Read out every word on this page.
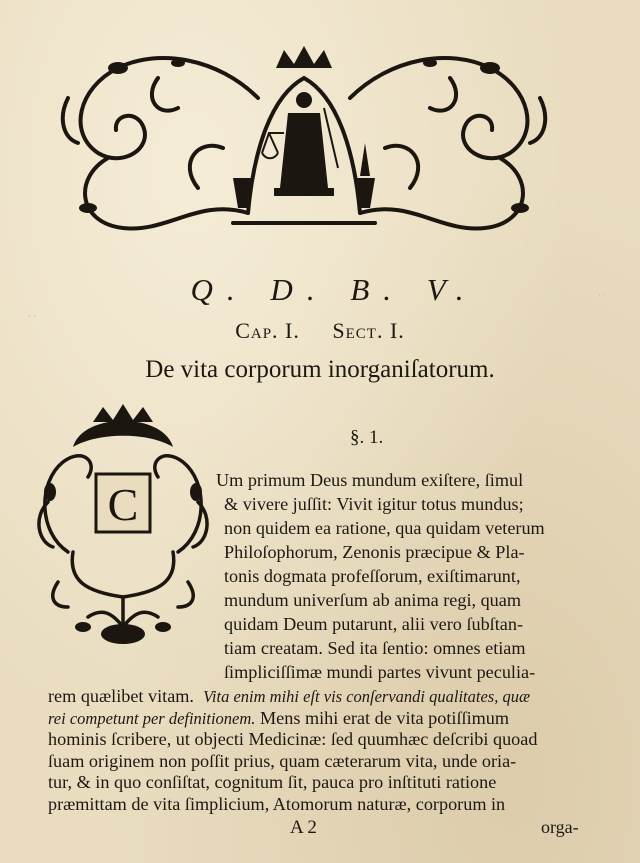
· ·
- -
Q. D. B. V.
Cap. I. Sect. I.
De vita corporum inorganiſatorum.
§. 1.
C	Um primum Deus mundum exiſtere, ſimul
& vivere juſſit: Vivit igitur totus mundus;
non quidem ea ratione, qua quidam veterum
Philoſophorum, Zenonis præcipue & Pla-
tonis dogmata profeſſorum, exiſtimarunt,
mundum univerſum ab anima regi, quam
quidam Deum putarunt, alii vero ſubſtan-
tiam creatam. Sed ita ſentio: omnes etiam
ſimpliciſſimæ mundi partes vivunt peculia-
rem quælibet vitam. Vita enim mihi eſt vis conſervandi qualitates, quæ
rei competunt per definitionem. Mens mihi erat de vita potiſſimum
hominis ſcribere, ut objecti Medicinæ: ſed quumhæc deſcribi quoad
ſuam originem non poſſit prius, quam cæterarum vita, unde oria-
tur, & in quo conſiſtat, cognitum ſit, pauca pro inſtituti ratione
præmittam de vita ſimplicium, Atomorum naturæ, corporum in
A 2	orga-
